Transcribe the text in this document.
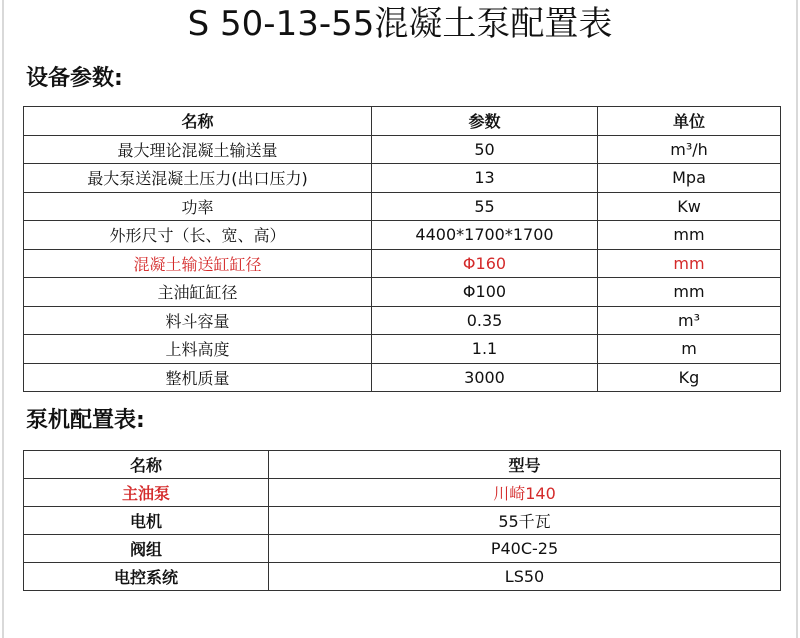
S 50-13-55混凝土泵配置表
设备参数:
名称	参数	单位
最大理论混凝土输送量	50	m³/h
最大泵送混凝土压力(出口压力)	13	Mpa
功率	55	Kw
外形尺寸（长、宽、高）	4400*1700*1700	mm
混凝土输送缸缸径	Φ160	mm
主油缸缸径	Φ100	mm
料斗容量	0.35	m³
上料高度	1.1	m
整机质量	3000	Kg
泵机配置表:
名称	型号
主油泵	川崎140
电机	55千瓦
阀组	P40C-25
电控系统	LS50
